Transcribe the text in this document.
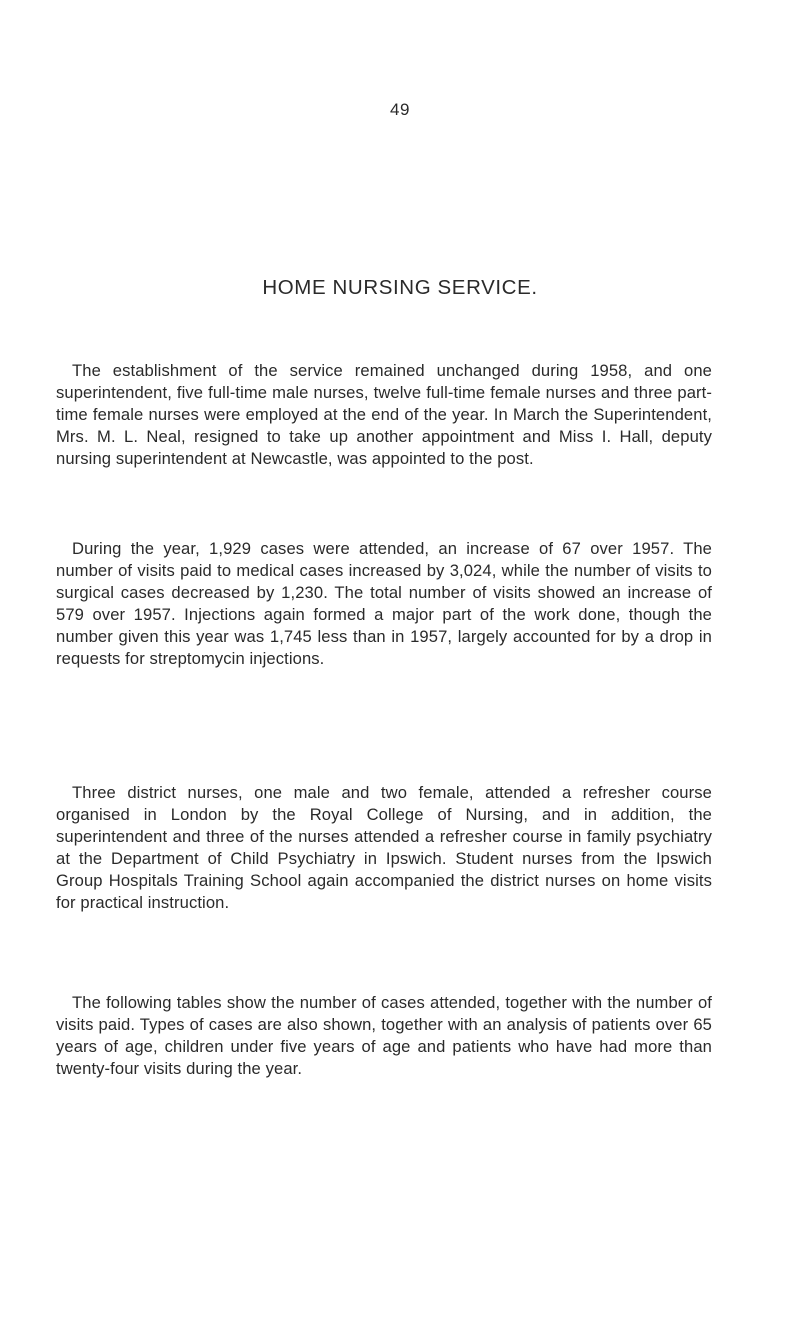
49
HOME NURSING SERVICE.

The establishment of the service remained unchanged during 1958, and one superintendent, five full-time male nurses, twelve full-time female nurses and three part-time female nurses were employed at the end of the year. In March the Superintendent, Mrs. M. L. Neal, resigned to take up another appointment and Miss I. Hall, deputy nursing superintendent at Newcastle, was appointed to the post.

During the year, 1,929 cases were attended, an increase of 67 over 1957. The number of visits paid to medical cases increased by 3,024, while the number of visits to surgical cases decreased by 1,230. The total number of visits showed an increase of 579 over 1957. Injections again formed a major part of the work done, though the number given this year was 1,745 less than in 1957, largely accounted for by a drop in requests for streptomycin injections.

Three district nurses, one male and two female, attended a refresher course organised in London by the Royal College of Nursing, and in addition, the superintendent and three of the nurses attended a refresher course in family psychiatry at the Department of Child Psychiatry in Ipswich. Student nurses from the Ipswich Group Hospitals Training School again accompanied the district nurses on home visits for practical instruction.

The following tables show the number of cases attended, together with the number of visits paid. Types of cases are also shown, together with an analysis of patients over 65 years of age, children under five years of age and patients who have had more than twenty-four visits during the year.
